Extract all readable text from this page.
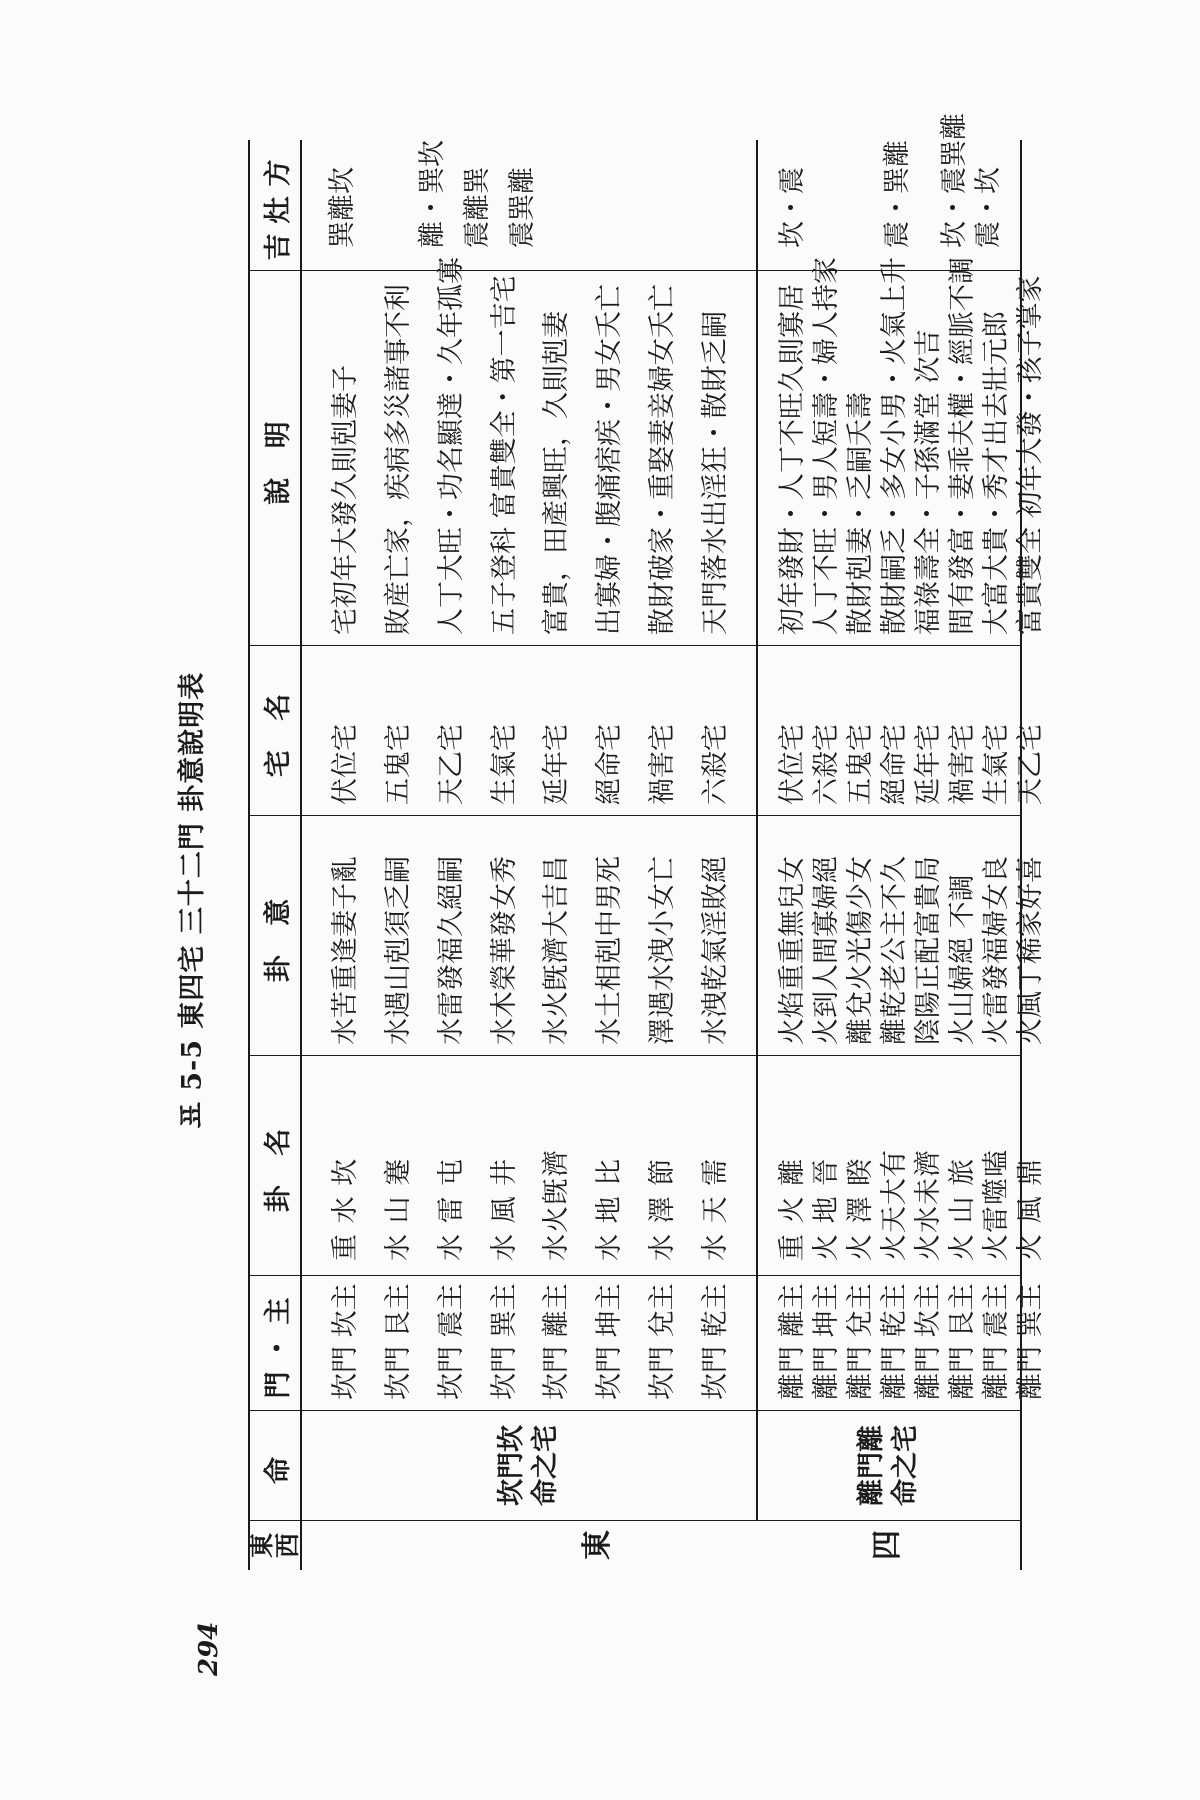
294
표 5-5 東四宅 三十二門 卦意說明表
東
西
命
門・主
卦 名
卦 意
宅 名
說 明
吉灶方
東	四
坎門坎命之宅
坎門 坎主 坎門 艮主 坎門 震主 坎門 巽主 坎門 離主 坎門 坤主 坎門 兌主 坎門 乾主
重 水 坎 水 山 蹇 水 雷 屯 水 風 井 水火旣濟 水 地 比 水 澤 節 水 天 需
水苦重逢妻子亂 水遇山剋須乏嗣 水雷發福久絕嗣 水木榮華發女秀 水火旣濟大吉昌 水土相剋中男死 澤遇水洩小女亡 水洩乾氣淫敗絕
伏位宅 五鬼宅 天乙宅 生氣宅 延年宅 絕命宅 禍害宅 六殺宅
宅初年大發久則剋妻子 敗産亡家，疾病多災諸事不利 人丁大旺・功名顯達・久年孤寡 五子登科 富貴雙全・第一吉宅 富貴，田產興旺，久則剋妻 出寡婦・腹痛痞疾・男女夭亡 散財破家・重娶妻妾婦女夭亡 天門落水出淫狂・散財乏嗣
巽離坎 離・巽坎 震離巽 震巽離
離門離命之宅
離門 離主 離門 坤主 離門 兌主 離門 乾主 離門 坎主 離門 艮主 離門 震主 離門 巽主
重 火 離 火 地 晉 火 澤 睽 火天大有 火水未濟 火 山 旅 火雷噬嗑 火 風 鼎
火焰重重無兒女 火到人間寡婦絕 離兌火光傷少女 離乾老公主不久 陰陽正配富貴局 火山婦絕 不調 火雷發福婦女良 火風丁稀家好喜
伏位宅 六殺宅 五鬼宅 絕命宅 延年宅 禍害宅 生氣宅 天乙宅
初年發財・人丁不旺久則寡居 人丁不旺・男人短壽・婦人持家 散財剋妻・乏嗣夭壽 散財嗣乏・多女小男・火氣上升 福祿壽全・子孫滿堂 次吉 間有發富・妻乖夫權・經脈不調 大富大貴・秀才出去壯元郎 富貴雙全 初年大發・孩子掌家
坎・震	震・巽離 坎・震巽離 震・坎
